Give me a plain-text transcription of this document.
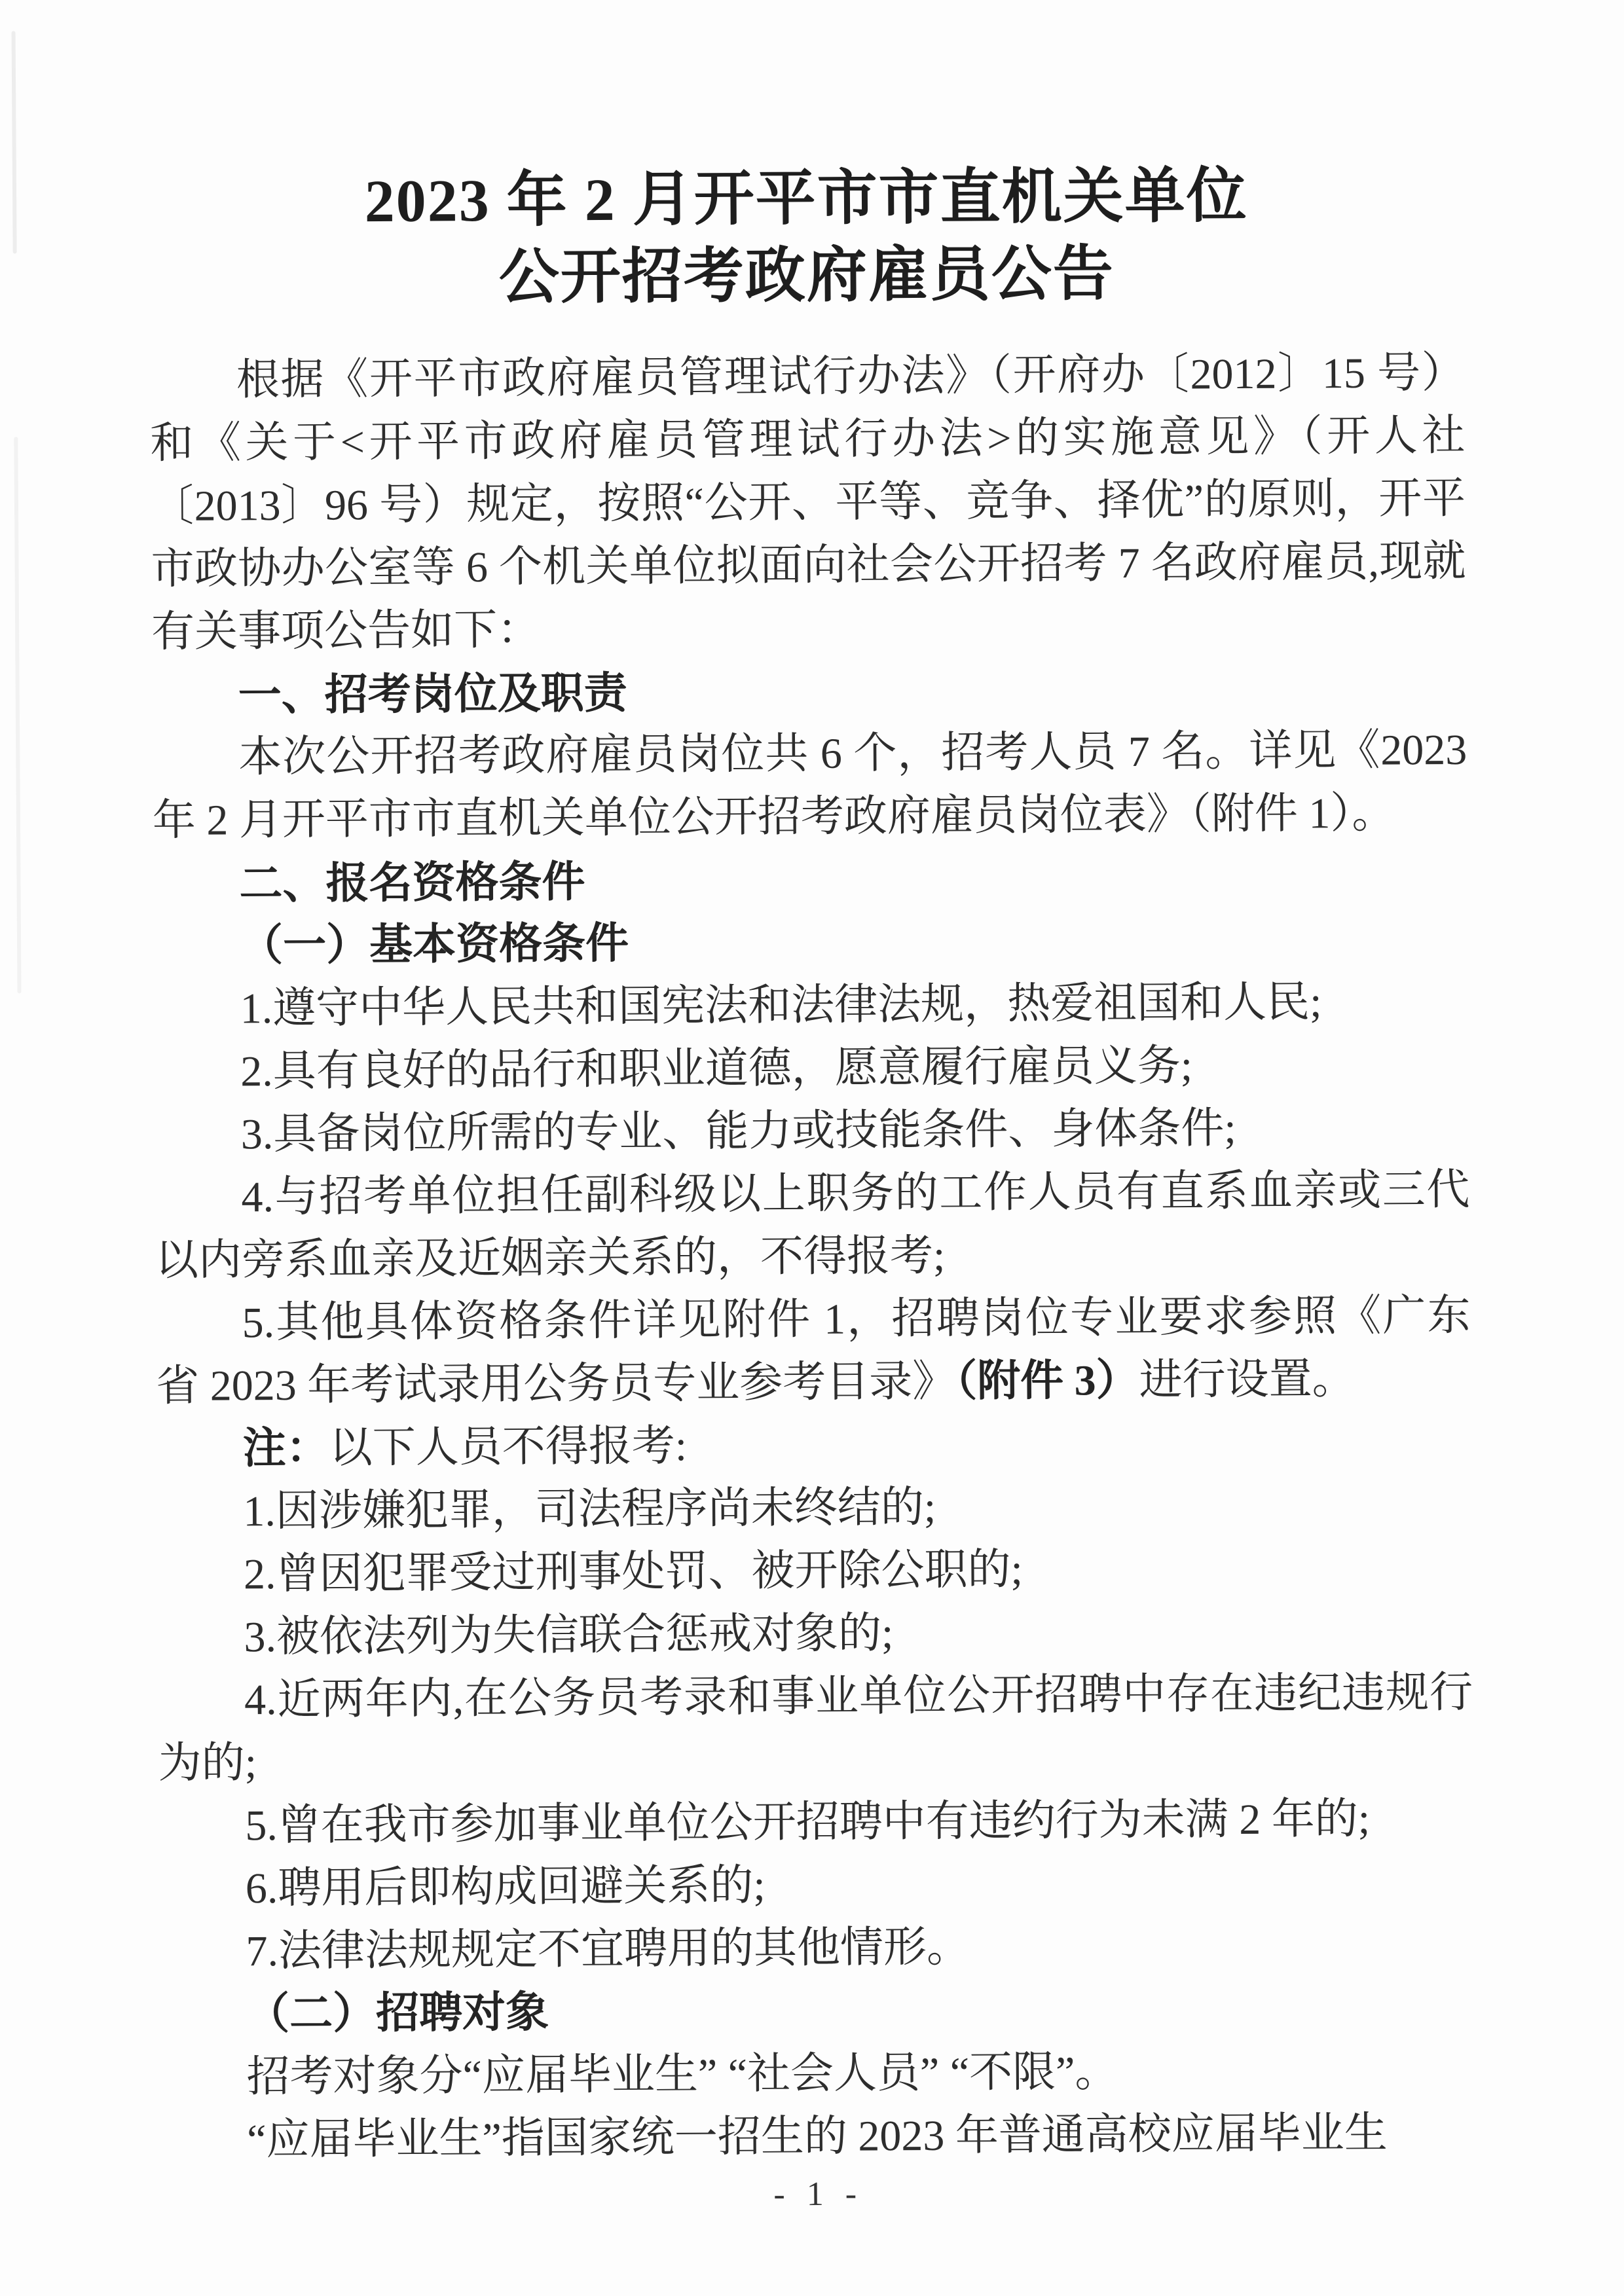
2023 年 2 月开平市市直机关单位
公开招考政府雇员公告

根据《开平市政府雇员管理试行办法》（开府办〔2012〕15 号）和《关于<开平市政府雇员管理试行办法>的实施意见》（开人社〔2013〕96 号）规定，按照“公开、平等、竞争、择优”的原则，开平市政协办公室等 6 个机关单位拟面向社会公开招考 7 名政府雇员,现就有关事项公告如下：

一、招考岗位及职责

本次公开招考政府雇员岗位共 6 个，招考人员 7 名。详见《2023 年 2 月开平市市直机关单位公开招考政府雇员岗位表》（附件 1）。

二、报名资格条件

（一）基本资格条件

1.遵守中华人民共和国宪法和法律法规，热爱祖国和人民;

2.具有良好的品行和职业道德，愿意履行雇员义务;

3.具备岗位所需的专业、能力或技能条件、身体条件;

4.与招考单位担任副科级以上职务的工作人员有直系血亲或三代以内旁系血亲及近姻亲关系的，不得报考;

5.其他具体资格条件详见附件 1，招聘岗位专业要求参照《广东省 2023 年考试录用公务员专业参考目录》（附件 3）进行设置。

注：以下人员不得报考:

1.因涉嫌犯罪，司法程序尚未终结的;

2.曾因犯罪受过刑事处罚、被开除公职的;

3.被依法列为失信联合惩戒对象的;

4.近两年内,在公务员考录和事业单位公开招聘中存在违纪违规行为的;

5.曾在我市参加事业单位公开招聘中有违约行为未满 2 年的;

6.聘用后即构成回避关系的;

7.法律法规规定不宜聘用的其他情形。

（二）招聘对象

招考对象分“应届毕业生” “社会人员” “不限”。

“应届毕业生”指国家统一招生的 2023 年普通高校应届毕业生

- 1 -
